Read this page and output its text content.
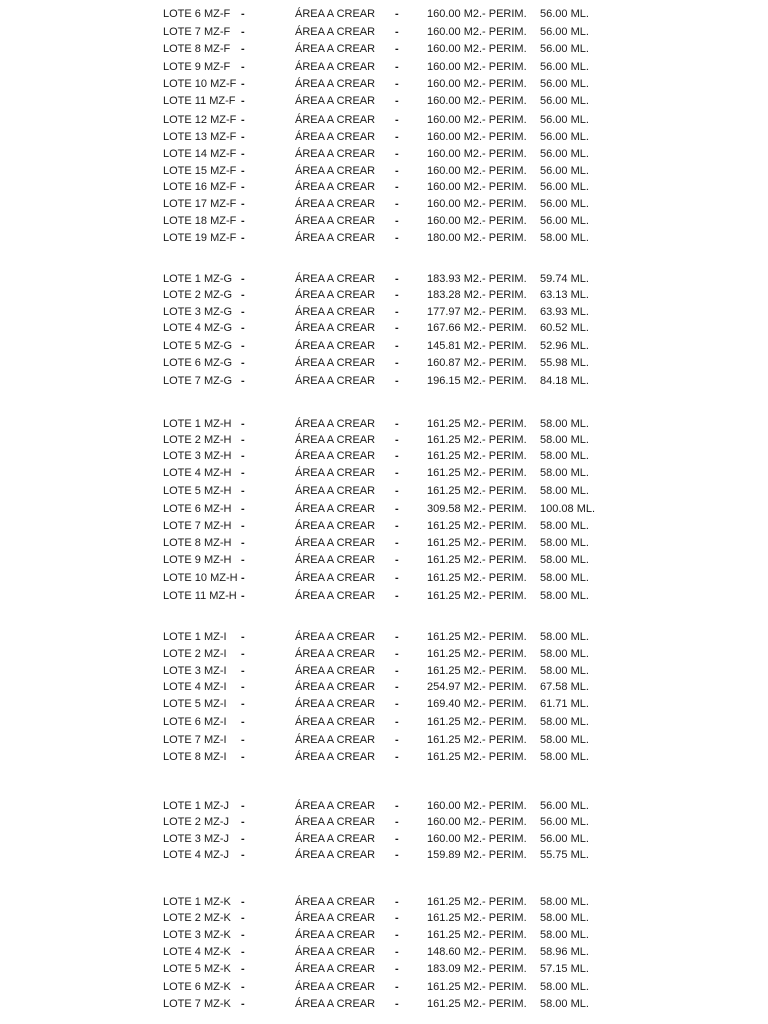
LOTE 6 MZ-F -	ÁREA A CREAR -	160.00 M2.- PERIM. 56.00 ML.
LOTE 7 MZ-F -	ÁREA A CREAR -	160.00 M2.- PERIM. 56.00 ML.
LOTE 8 MZ-F -	ÁREA A CREAR -	160.00 M2.- PERIM. 56.00 ML.
LOTE 9 MZ-F -	ÁREA A CREAR -	160.00 M2.- PERIM. 56.00 ML.
LOTE 10 MZ-F -	ÁREA A CREAR -	160.00 M2.- PERIM. 56.00 ML.
LOTE 11 MZ-F -	ÁREA A CREAR -	160.00 M2.- PERIM. 56.00 ML.
LOTE 12 MZ-F -	ÁREA A CREAR -	160.00 M2.- PERIM. 56.00 ML.
LOTE 13 MZ-F -	ÁREA A CREAR -	160.00 M2.- PERIM. 56.00 ML.
LOTE 14 MZ-F -	ÁREA A CREAR -	160.00 M2.- PERIM. 56.00 ML.
LOTE 15 MZ-F -	ÁREA A CREAR -	160.00 M2.- PERIM. 56.00 ML.
LOTE 16 MZ-F -	ÁREA A CREAR -	160.00 M2.- PERIM. 56.00 ML.
LOTE 17 MZ-F -	ÁREA A CREAR -	160.00 M2.- PERIM. 56.00 ML.
LOTE 18 MZ-F -	ÁREA A CREAR -	160.00 M2.- PERIM. 56.00 ML.
LOTE 19 MZ-F -	ÁREA A CREAR -	180.00 M2.- PERIM. 58.00 ML.
LOTE 1 MZ-G -	ÁREA A CREAR -	183.93 M2.- PERIM. 59.74 ML.
LOTE 2 MZ-G -	ÁREA A CREAR -	183.28 M2.- PERIM. 63.13 ML.
LOTE 3 MZ-G -	ÁREA A CREAR -	177.97 M2.- PERIM. 63.93 ML.
LOTE 4 MZ-G -	ÁREA A CREAR -	167.66 M2.- PERIM. 60.52 ML.
LOTE 5 MZ-G -	ÁREA A CREAR -	145.81 M2.- PERIM. 52.96 ML.
LOTE 6 MZ-G -	ÁREA A CREAR -	160.87 M2.- PERIM. 55.98 ML.
LOTE 7 MZ-G -	ÁREA A CREAR -	196.15 M2.- PERIM. 84.18 ML.
LOTE 1 MZ-H -	ÁREA A CREAR -	161.25 M2.- PERIM. 58.00 ML.
LOTE 2 MZ-H -	ÁREA A CREAR -	161.25 M2.- PERIM. 58.00 ML.
LOTE 3 MZ-H -	ÁREA A CREAR -	161.25 M2.- PERIM. 58.00 ML.
LOTE 4 MZ-H -	ÁREA A CREAR -	161.25 M2.- PERIM. 58.00 ML.
LOTE 5 MZ-H -	ÁREA A CREAR -	161.25 M2.- PERIM. 58.00 ML.
LOTE 6 MZ-H -	ÁREA A CREAR -	309.58 M2.- PERIM. 100.08 ML.
LOTE 7 MZ-H -	ÁREA A CREAR -	161.25 M2.- PERIM. 58.00 ML.
LOTE 8 MZ-H -	ÁREA A CREAR -	161.25 M2.- PERIM. 58.00 ML.
LOTE 9 MZ-H -	ÁREA A CREAR -	161.25 M2.- PERIM. 58.00 ML.
LOTE 10 MZ-H -	ÁREA A CREAR -	161.25 M2.- PERIM. 58.00 ML.
LOTE 11 MZ-H -	ÁREA A CREAR -	161.25 M2.- PERIM. 58.00 ML.
LOTE 1 MZ-I -	ÁREA A CREAR -	161.25 M2.- PERIM. 58.00 ML.
LOTE 2 MZ-I -	ÁREA A CREAR -	161.25 M2.- PERIM. 58.00 ML.
LOTE 3 MZ-I -	ÁREA A CREAR -	161.25 M2.- PERIM. 58.00 ML.
LOTE 4 MZ-I -	ÁREA A CREAR -	254.97 M2.- PERIM. 67.58 ML.
LOTE 5 MZ-I -	ÁREA A CREAR -	169.40 M2.- PERIM. 61.71 ML.
LOTE 6 MZ-I -	ÁREA A CREAR -	161.25 M2.- PERIM. 58.00 ML.
LOTE 7 MZ-I -	ÁREA A CREAR -	161.25 M2.- PERIM. 58.00 ML.
LOTE 8 MZ-I -	ÁREA A CREAR -	161.25 M2.- PERIM. 58.00 ML.
LOTE 1 MZ-J -	ÁREA A CREAR -	160.00 M2.- PERIM. 56.00 ML.
LOTE 2 MZ-J -	ÁREA A CREAR -	160.00 M2.- PERIM. 56.00 ML.
LOTE 3 MZ-J -	ÁREA A CREAR -	160.00 M2.- PERIM. 56.00 ML.
LOTE 4 MZ-J -	ÁREA A CREAR -	159.89 M2.- PERIM. 55.75 ML.
LOTE 1 MZ-K -	ÁREA A CREAR -	161.25 M2.- PERIM. 58.00 ML.
LOTE 2 MZ-K -	ÁREA A CREAR -	161.25 M2.- PERIM. 58.00 ML.
LOTE 3 MZ-K -	ÁREA A CREAR -	161.25 M2.- PERIM. 58.00 ML.
LOTE 4 MZ-K -	ÁREA A CREAR -	148.60 M2.- PERIM. 58.96 ML.
LOTE 5 MZ-K -	ÁREA A CREAR -	183.09 M2.- PERIM. 57.15 ML.
LOTE 6 MZ-K -	ÁREA A CREAR -	161.25 M2.- PERIM. 58.00 ML.
LOTE 7 MZ-K -	ÁREA A CREAR -	161.25 M2.- PERIM. 58.00 ML.
